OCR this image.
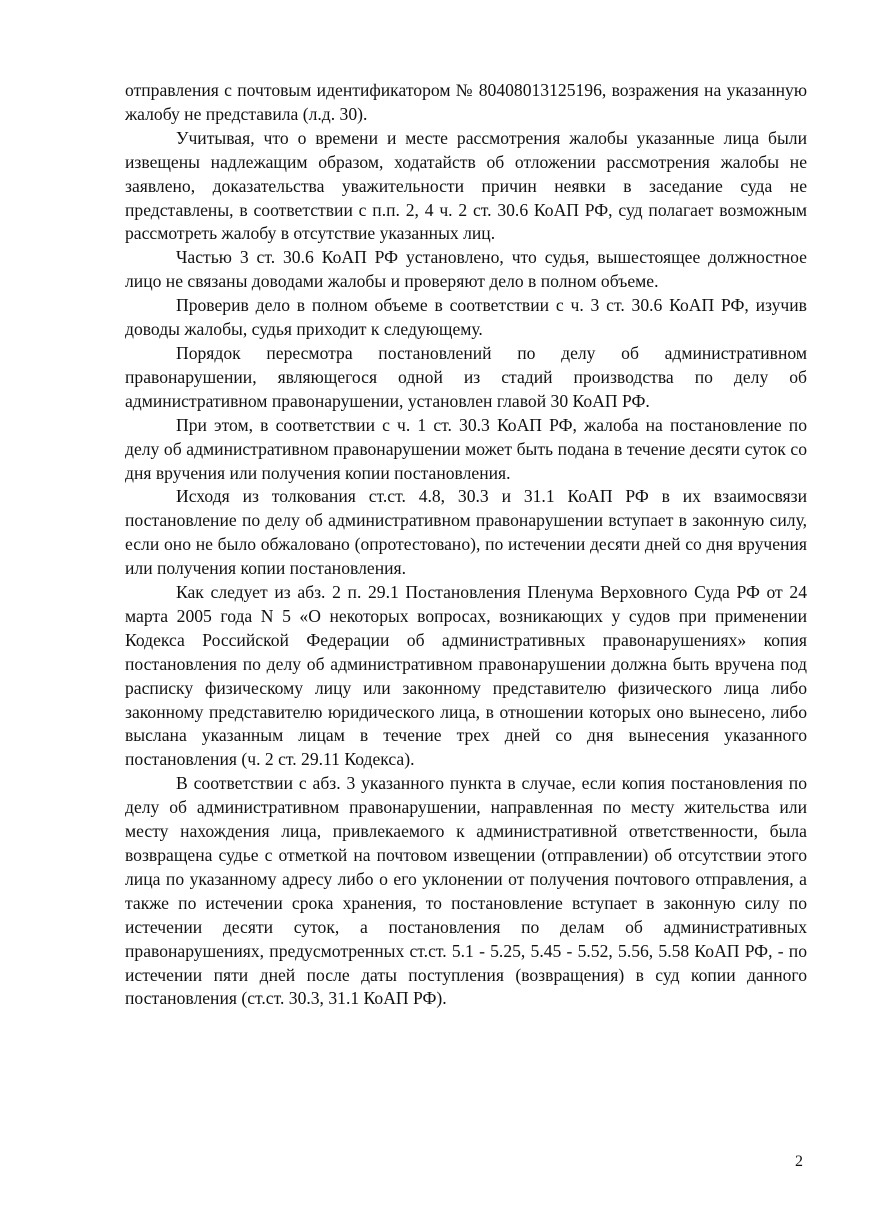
отправления с почтовым идентификатором № 80408013125196, возражения на указанную жалобу не представила (л.д. 30).

Учитывая, что о времени и месте рассмотрения жалобы указанные лица были извещены надлежащим образом, ходатайств об отложении рассмотрения жалобы не заявлено, доказательства уважительности причин неявки в заседание суда не представлены, в соответствии с п.п. 2, 4 ч. 2 ст. 30.6 КоАП РФ, суд полагает возможным рассмотреть жалобу в отсутствие указанных лиц.

Частью 3 ст. 30.6 КоАП РФ установлено, что судья, вышестоящее должностное лицо не связаны доводами жалобы и проверяют дело в полном объеме.

Проверив дело в полном объеме в соответствии с ч. 3 ст. 30.6 КоАП РФ, изучив доводы жалобы, судья приходит к следующему.

Порядок пересмотра постановлений по делу об административном правонарушении, являющегося одной из стадий производства по делу об административном правонарушении, установлен главой 30 КоАП РФ.

При этом, в соответствии с ч. 1 ст. 30.3 КоАП РФ, жалоба на постановление по делу об административном правонарушении может быть подана в течение десяти суток со дня вручения или получения копии постановления.

Исходя из толкования ст.ст. 4.8, 30.3 и 31.1 КоАП РФ в их взаимосвязи постановление по делу об административном правонарушении вступает в законную силу, если оно не было обжаловано (опротестовано), по истечении десяти дней со дня вручения или получения копии постановления.

Как следует из абз. 2 п. 29.1 Постановления Пленума Верховного Суда РФ от 24 марта 2005 года N 5 «О некоторых вопросах, возникающих у судов при применении Кодекса Российской Федерации об административных правонарушениях» копия постановления по делу об административном правонарушении должна быть вручена под расписку физическому лицу или законному представителю физического лица либо законному представителю юридического лица, в отношении которых оно вынесено, либо выслана указанным лицам в течение трех дней со дня вынесения указанного постановления (ч. 2 ст. 29.11 Кодекса).

В соответствии с абз. 3 указанного пункта в случае, если копия постановления по делу об административном правонарушении, направленная по месту жительства или месту нахождения лица, привлекаемого к административной ответственности, была возвращена судье с отметкой на почтовом извещении (отправлении) об отсутствии этого лица по указанному адресу либо о его уклонении от получения почтового отправления, а также по истечении срока хранения, то постановление вступает в законную силу по истечении десяти суток, а постановления по делам об административных правонарушениях, предусмотренных ст.ст. 5.1 - 5.25, 5.45 - 5.52, 5.56, 5.58 КоАП РФ, - по истечении пяти дней после даты поступления (возвращения) в суд копии данного постановления (ст.ст. 30.3, 31.1 КоАП РФ).

2
